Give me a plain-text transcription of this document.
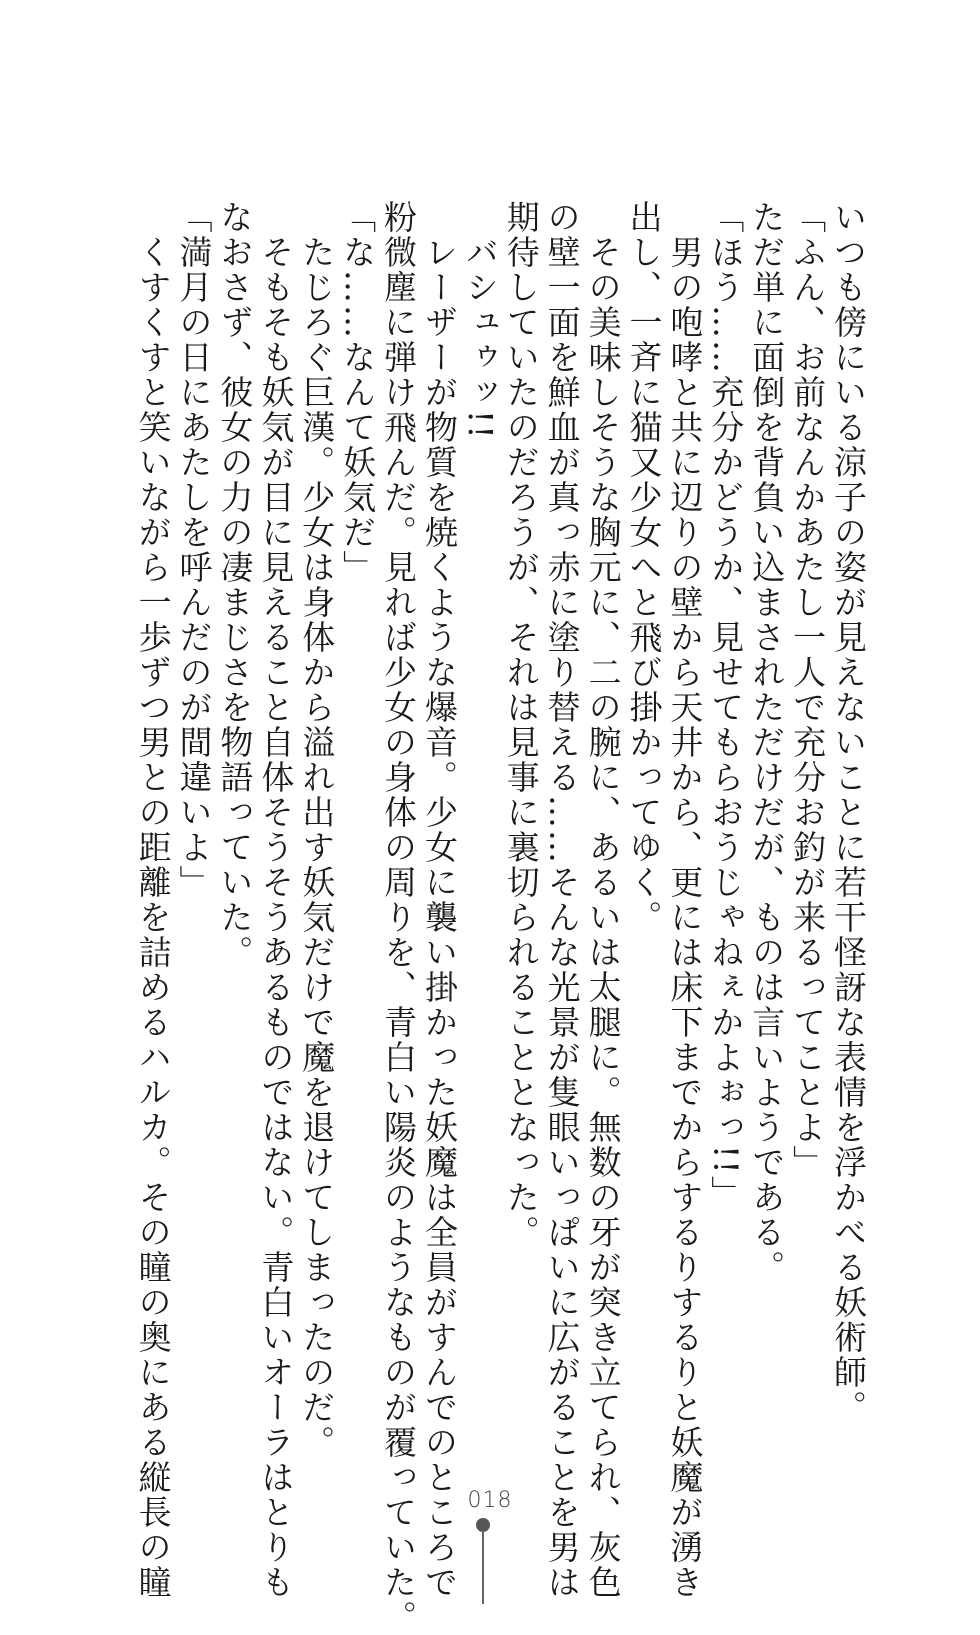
いつも傍にいる涼子の姿が見えないことに若干怪訝な表情を浮かべる妖術師。
「ふん、お前なんかあたし一人で充分お釣が来るってことよ」
ただ単に面倒を背負い込まされただけだが、ものは言いようである。
「ほう……充分かどうか、見せてもらおうじゃねぇかよぉっ!!」
　男の咆哮と共に辺りの壁から天井から、更には床下までからするりするりと妖魔が湧き
出し、一斉に猫又少女へと飛び掛かってゆく。
　その美味しそうな胸元に、二の腕に、あるいは太腿に。無数の牙が突き立てられ、灰色
の壁一面を鮮血が真っ赤に塗り替える……そんな光景が隻眼いっぱいに広がることを男は
期待していたのだろうが、それは見事に裏切られることとなった。
　バシュゥッ!!
　レーザーが物質を焼くような爆音。少女に襲い掛かった妖魔は全員がすんでのところで
粉微塵に弾け飛んだ。見れば少女の身体の周りを、青白い陽炎のようなものが覆っていた。
「な……なんて妖気だ」
　たじろぐ巨漢。少女は身体から溢れ出す妖気だけで魔を退けてしまったのだ。
　そもそも妖気が目に見えること自体そうそうあるものではない。青白いオーラはとりも
なおさず、彼女の力の凄まじさを物語っていた。
「満月の日にあたしを呼んだのが間違いよ」
　くすくすと笑いながら一歩ずつ男との距離を詰めるハルカ。その瞳の奥にある縦長の瞳	018
